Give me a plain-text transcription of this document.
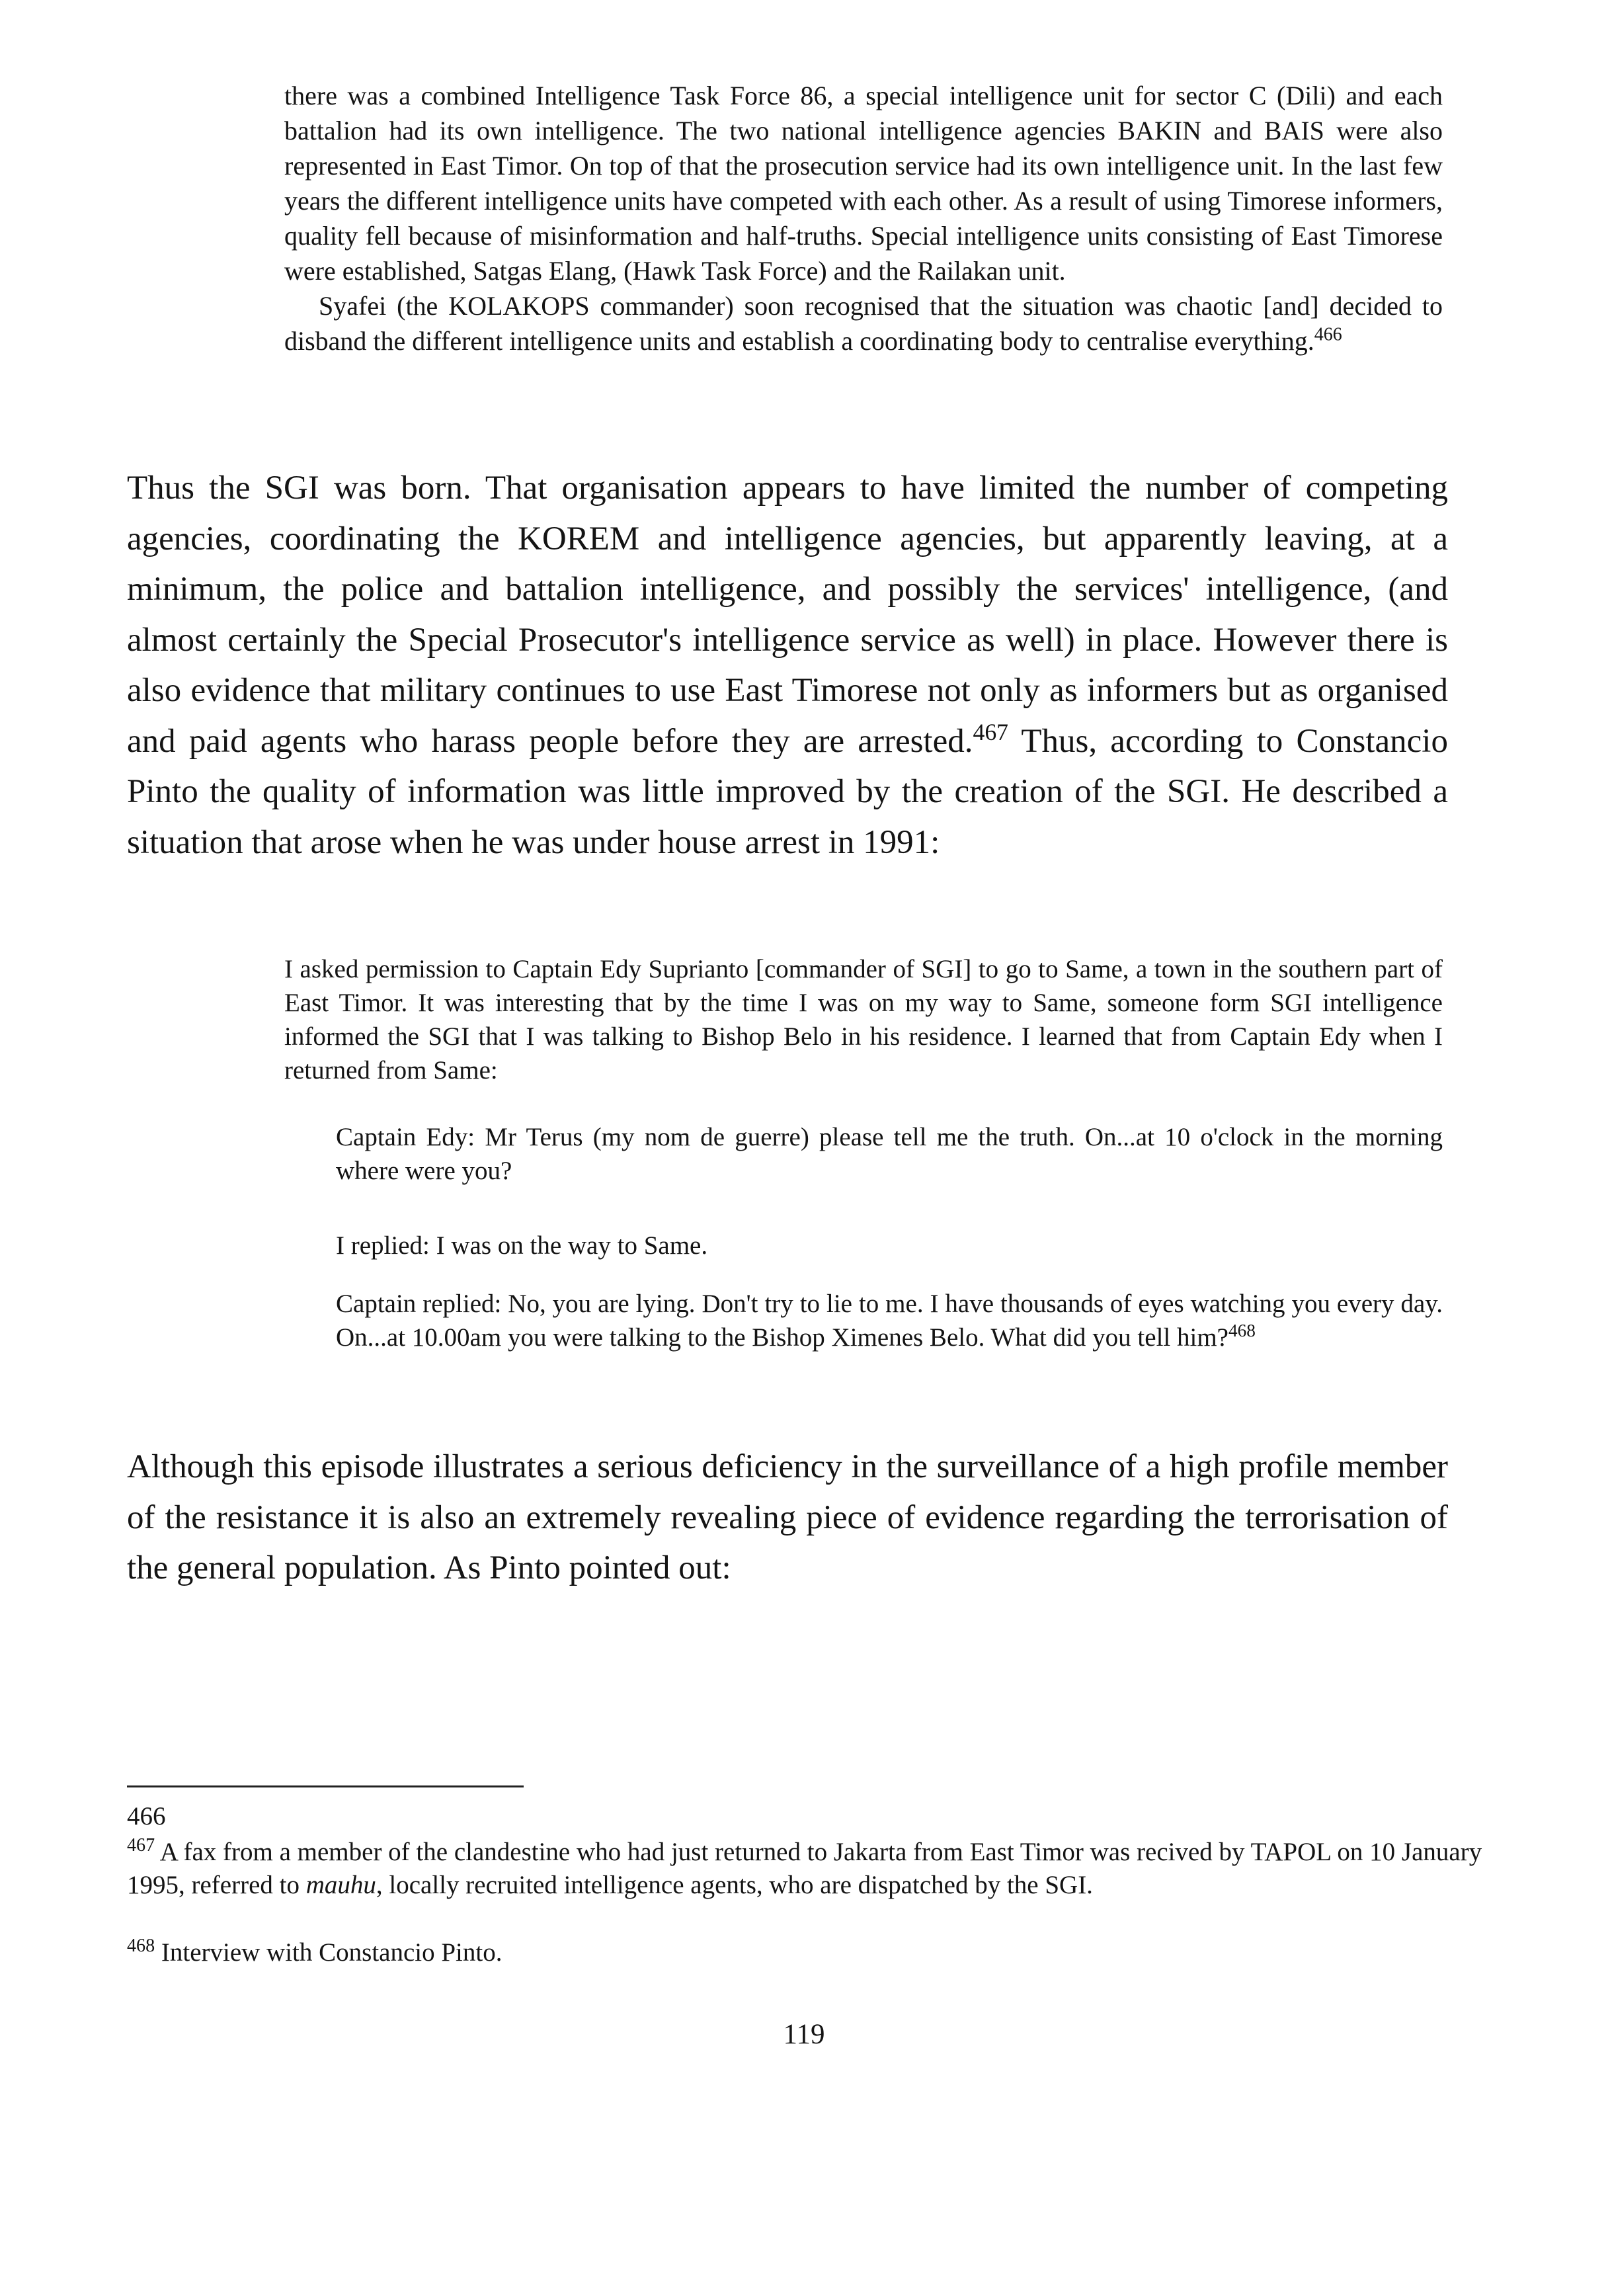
there was a combined Intelligence Task Force 86, a special intelligence unit for sector C (Dili) and each battalion had its own intelligence. The two national intelligence agencies BAKIN and BAIS were also represented in East Timor. On top of that the prosecution service had its own intelligence unit. In the last few years the different intelligence units have competed with each other. As a result of using Timorese informers, quality fell because of misinformation and half-truths. Special intelligence units consisting of East Timorese were established, Satgas Elang, (Hawk Task Force) and the Railakan unit.

Syafei (the KOLAKOPS commander) soon recognised that the situation was chaotic [and] decided to disband the different intelligence units and establish a coordinating body to centralise everything.$^{466}$

Thus the SGI was born. That organisation appears to have limited the number of competing agencies, coordinating the KOREM and intelligence agencies, but apparently leaving, at a minimum, the police and battalion intelligence, and possibly the services' intelligence, (and almost certainly the Special Prosecutor's intelligence service as well) in place. However there is also evidence that military continues to use East Timorese not only as informers but as organised and paid agents who harass people before they are arrested.$^{467}$ Thus, according to Constancio Pinto the quality of information was little improved by the creation of the SGI. He described a situation that arose when he was under house arrest in 1991:

I asked permission to Captain Edy Suprianto [commander of SGI] to go to Same, a town in the southern part of East Timor. It was interesting that by the time I was on my way to Same, someone form SGI intelligence informed the SGI that I was talking to Bishop Belo in his residence. I learned that from Captain Edy when I returned from Same:

Captain Edy: Mr Terus (my nom de guerre) please tell me the truth. On...at 10 o'clock in the morning where were you?

I replied: I was on the way to Same.

Captain replied: No, you are lying. Don't try to lie to me. I have thousands of eyes watching you every day. On...at 10.00am you were talking to the Bishop Ximenes Belo. What did you tell him?$^{468}$

Although this episode illustrates a serious deficiency in the surveillance of a high profile member of the resistance it is also an extremely revealing piece of evidence regarding the terrorisation of the general population. As Pinto pointed out:

466

$^{467}$ A fax from a member of the clandestine who had just returned to Jakarta from East Timor was recived by TAPOL on 10 January 1995, referred to mauhu, locally recruited intelligence agents, who are dispatched by the SGI.

$^{468}$ Interview with Constancio Pinto.

119
